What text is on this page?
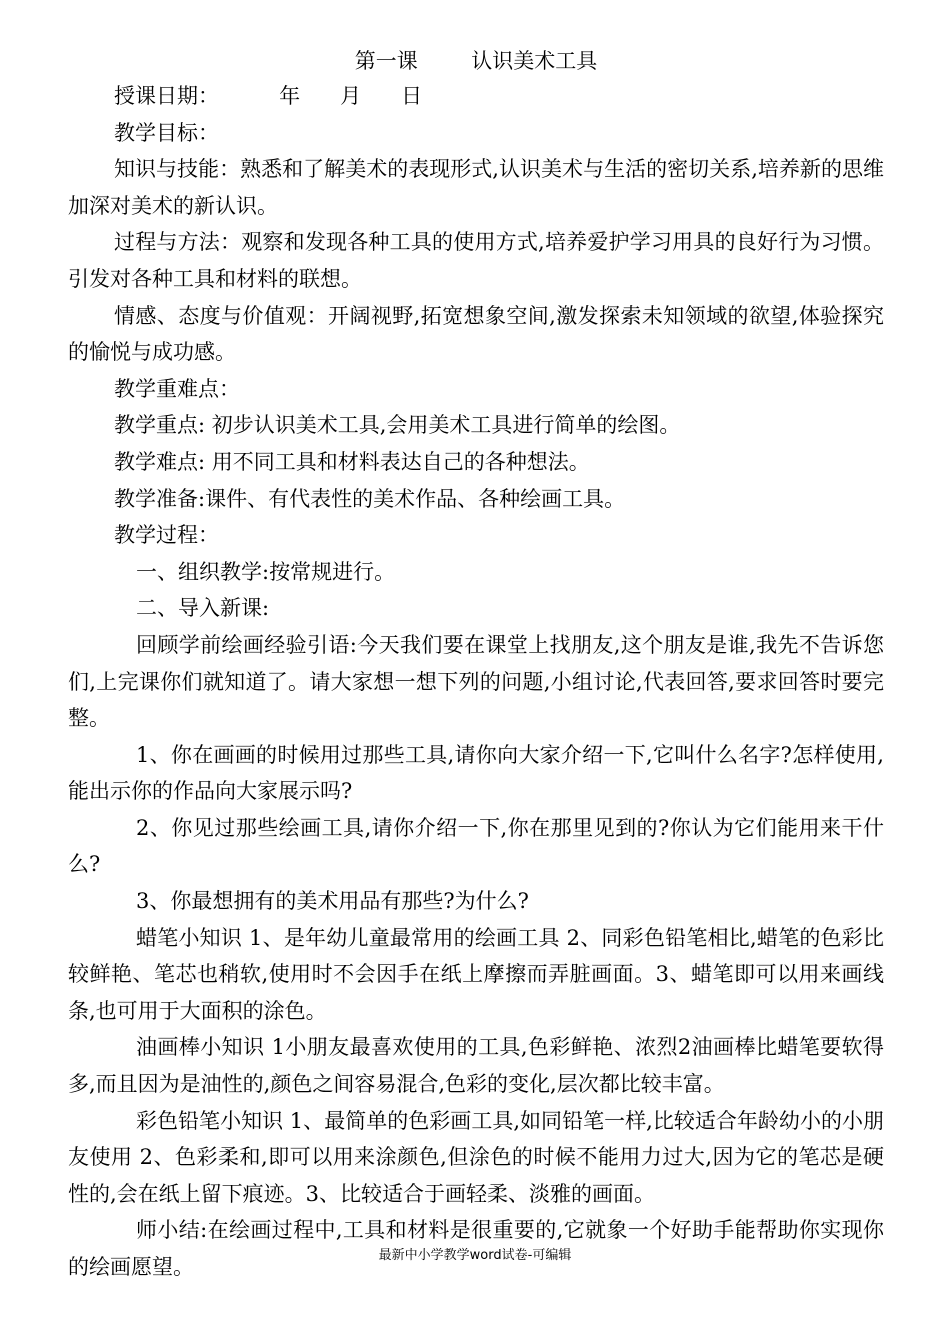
第一课        认识美术工具

授课日期：         年      月      日

教学目标：

知识与技能：熟悉和了解美术的表现形式,认识美术与生活的密切关系,培养新的思维加深对美术的新认识。

过程与方法：观察和发现各种工具的使用方式,培养爱护学习用具的良好行为习惯。引发对各种工具和材料的联想。

情感、态度与价值观：开阔视野,拓宽想象空间,激发探索未知领域的欲望,体验探究的愉悦与成功感。

教学重难点：

教学重点: 初步认识美术工具,会用美术工具进行简单的绘图。

教学难点: 用不同工具和材料表达自己的各种想法。

教学准备:课件、有代表性的美术作品、各种绘画工具。

教学过程：

一、组织教学:按常规进行。

二、导入新课:

回顾学前绘画经验引语:今天我们要在课堂上找朋友,这个朋友是谁,我先不告诉您们,上完课你们就知道了。请大家想一想下列的问题,小组讨论,代表回答,要求回答时要完整。

1、你在画画的时候用过那些工具,请你向大家介绍一下,它叫什么名字?怎样使用,能出示你的作品向大家展示吗?

2、你见过那些绘画工具,请你介绍一下,你在那里见到的?你认为它们能用来干什么?

3、你最想拥有的美术用品有那些?为什么?

蜡笔小知识 1、是年幼儿童最常用的绘画工具 2、同彩色铅笔相比,蜡笔的色彩比较鲜艳、笔芯也稍软,使用时不会因手在纸上摩擦而弄脏画面。3、蜡笔即可以用来画线条,也可用于大面积的涂色。

油画棒小知识 1小朋友最喜欢使用的工具,色彩鲜艳、浓烈2油画棒比蜡笔要软得多,而且因为是油性的,颜色之间容易混合,色彩的变化,层次都比较丰富。

彩色铅笔小知识 1、最简单的色彩画工具,如同铅笔一样,比较适合年龄幼小的小朋友使用 2、色彩柔和,即可以用来涂颜色,但涂色的时候不能用力过大,因为它的笔芯是硬性的,会在纸上留下痕迹。3、比较适合于画轻柔、淡雅的画面。

师小结:在绘画过程中,工具和材料是很重要的,它就象一个好助手能帮助你实现你的绘画愿望。	最新中小学教学word试卷-可编辑
